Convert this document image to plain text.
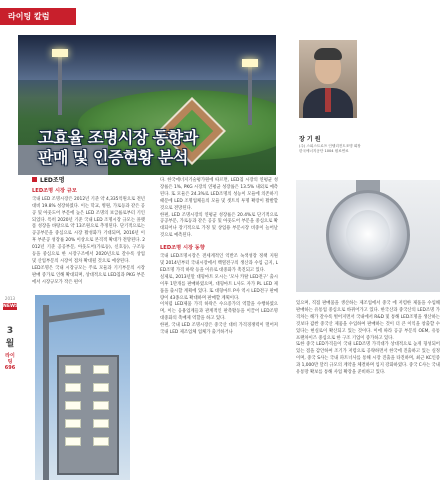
라이팅 칼럼
고효율 조명시장 동향과
판매 및 인증현황 분석
장 기 원
(주) 스피스트로프 인텔리전트조명 회장
한국에너지공단 1004 원료연료
2013
NEWS
3월
라이팅 696
LED조명
LED조명 시장 규모

국내 LED 조명시장은 2012년 기준 약 4,335억원으로 전년대비 19.8% 성장하였다. 이는 학교, 병원, 가로등과 같은 공공 및 아웃도어 부문에 높은 LED 조명의 보급률로부터 기인되었다. 특히 2020년 기준 국내 LED 조명시장 규모는 플랫폼 성장을 바탕으로 약 13조원으로 추정된다. 단기적으로는 공공부문을 중심으로 시장 활성화가 기대되며, 2016년 이후 부분공 성장률 20% 이상으로 본격적 확대가 전망된다. 2012년 기준 공공부문, 아웃도어(가로등), 신호등), 구조등 등을 중심으로 한 시장구조에서 2020년으로 갈수록 상업 및 산업부문의 시장이 점차 확대될 것으로 예상된다.

LED조명은 국내 시장규모는 주로 모듈과 기기부문의 시장판매 증가로 인해 확대되며, 상대적으로 LED칩과 PKG 부문에서 시장규모가 작은 편이

다. 한국에너지기술평가원에 따르면, LED칩 시장의 연평균 성장률은 1%, PKG 시장의 연평균 성장률은 13.5% 내외로 예측된다. 또 모듈은 24.3%로 LED조명의 성능이 모듈에 의존하기 때문에 LED 조명업체들의 모듈 및 셋트의 투명 확장이 활발할 것으로 전망된다.

한편, LED 조명시장의 연평균 성장률은 20.4%로 단기적으로 공공부문, 가로등과 같은 공공 및 아웃도어 부문을 중심으로 확대되어나 장기적으로 가정 및 상업용 부문시장 비중이 늘어날 것으로 예측된다.

LED조명 시장 동향

국내 LED조명시장은 전세계적인 억반조 녹색성장 정책 지원 및 2014년부터 국내시장에서 백열전구의 생산과 수입 금지, LED조명 가격 하락 등을 이유로 대중화가 촉진되고 있다.

실제로, 2013년말 대형마트 모시는 '모사 카탈 LED전구' 출시 이후 1만개를 판매하였으며, 대형마트 L사도 자가 PL LED 제품을 출시할 계획에 있다. 또 대형마트 P사 역시 LED전구 판매량이 43종으로 확대하며 판매할 계획이다.

이처럼 LED제품 가격 하락은 수요증가의 역할을 수행하였으며, 이는 응용업계들과 관계적인 판촉활동을 이끌어 LED조명 대중화의 촉매제 역할을 하고 있다.

한편, 국내 LED 조명시장은 중국산 대비 가격경쟁력이 떨어져 국내 LED 제조업체 업체가 출거하거나

있으며, 직접 판매품을 생산하는 제조업에서 중국 에 저렴한 제품을 수입해 판매하는 유통업 중심으로 바뀌어가고 있다. 한국산과 중국산의 LED조명 가격차는 해가 갈수록 벌어지면서 국내에서 R&D 및 통해 LED조명을 생산하는 것보다 값싼 중국산 제품을 수입하여 판매하는 것이 더 큰 이익을 창출할 수 있다는 현실로이 확산되고 있는 것이다. 이에 따라 공공 부문의 OEM, 유통 프랜차이즈 중심으로 한 구조 기업이 증가하고 있다.

또한 중국 LED가격들이 국내 LED조명 가격대가 상대적으로 높게 형성되어 있는 점을 감안하여 조기가 저렴으로 공략하면서 한국에 진출하고 있는 실정이며, 중국 S사는 국내 파트너사를 통해 시장 진출을 타진하며, 최근 KC인증과 1,000만 달러 규모의 계약을 체결하며 입지 강화하였다. 중국 C사는 국내 유통망 확보를 통해 사업 확장을 준비하고 있다.
